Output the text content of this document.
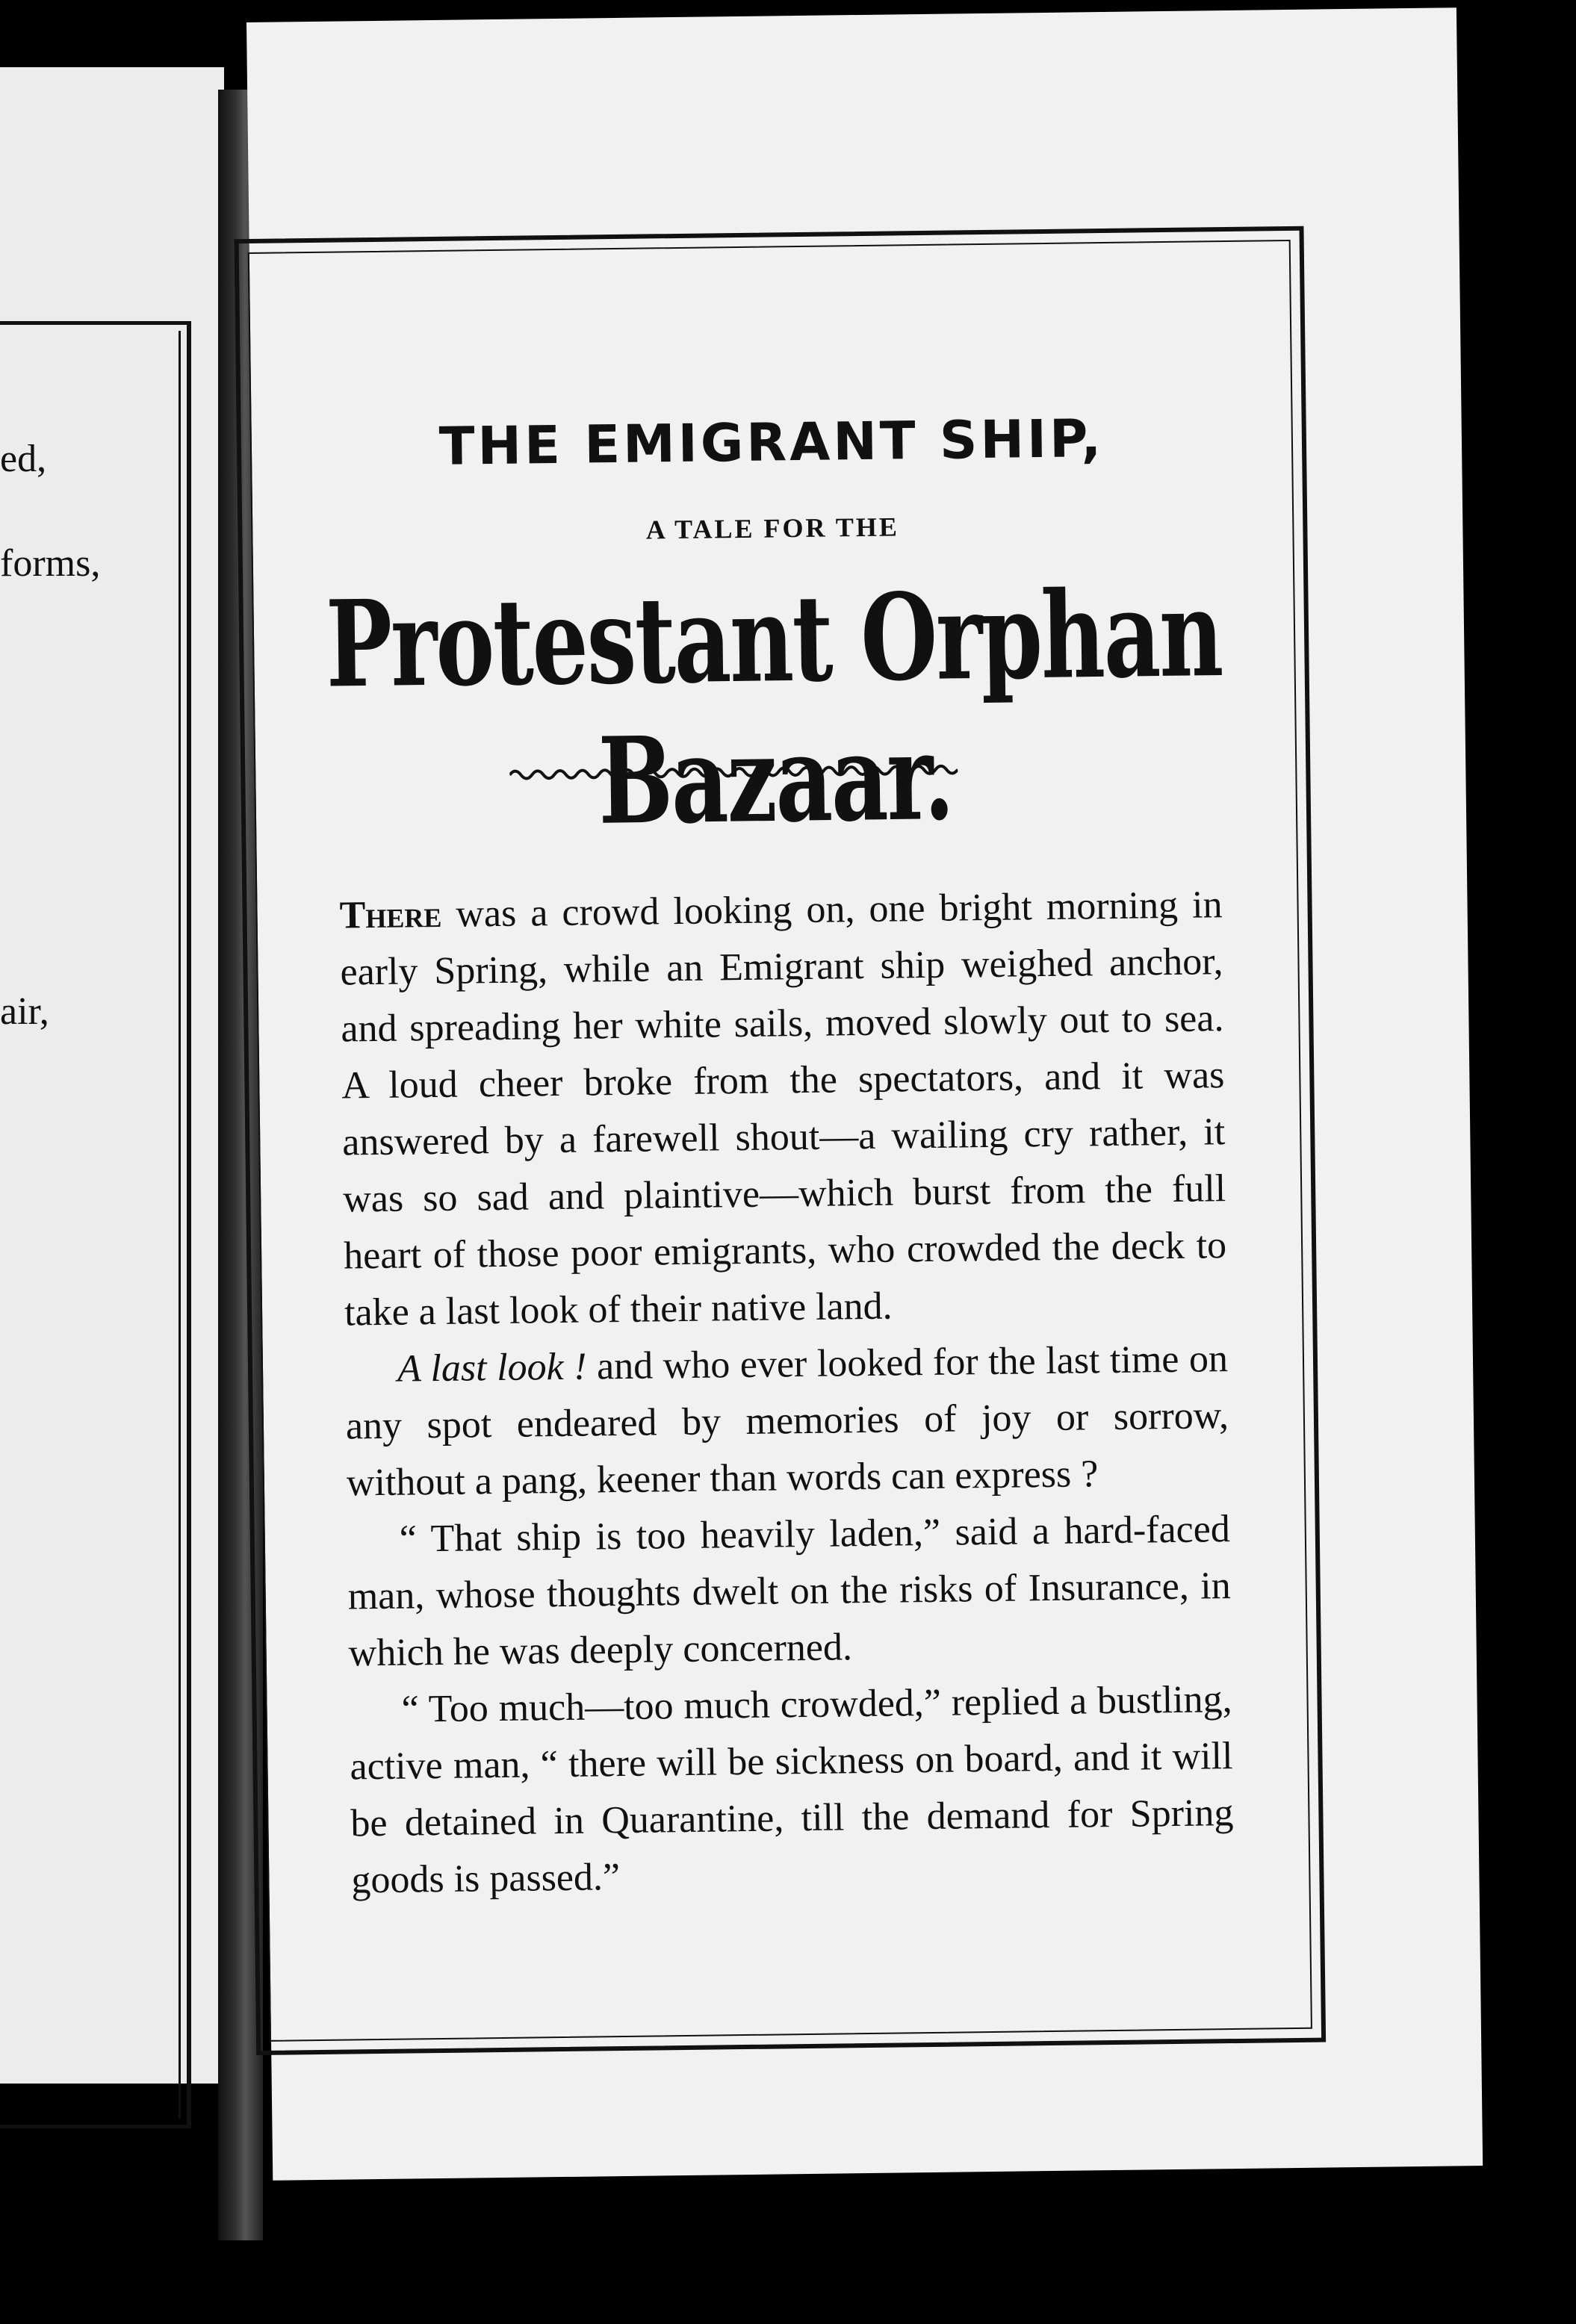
ed,
forms,
air,
THE EMIGRANT SHIP,
A TALE FOR THE
Protestant Orphan Bazaar.

There was a crowd looking on, one bright morning in early Spring, while an Emigrant ship weighed anchor, and spreading her white sails, moved slowly out to sea. A loud cheer broke from the spectators, and it was answered by a farewell shout—a wailing cry rather, it was so sad and plaintive—which burst from the full heart of those poor emigrants, who crowded the deck to take a last look of their native land.

A last look ! and who ever looked for the last time on any spot endeared by memories of joy or sorrow, without a pang, keener than words can express ?

“ That ship is too heavily laden,” said a hard-faced man, whose thoughts dwelt on the risks of Insurance, in which he was deeply concerned.

“ Too much—too much crowded,” replied a bustling, active man, “ there will be sickness on board, and it will be detained in Quarantine, till the demand for Spring goods is passed.”
